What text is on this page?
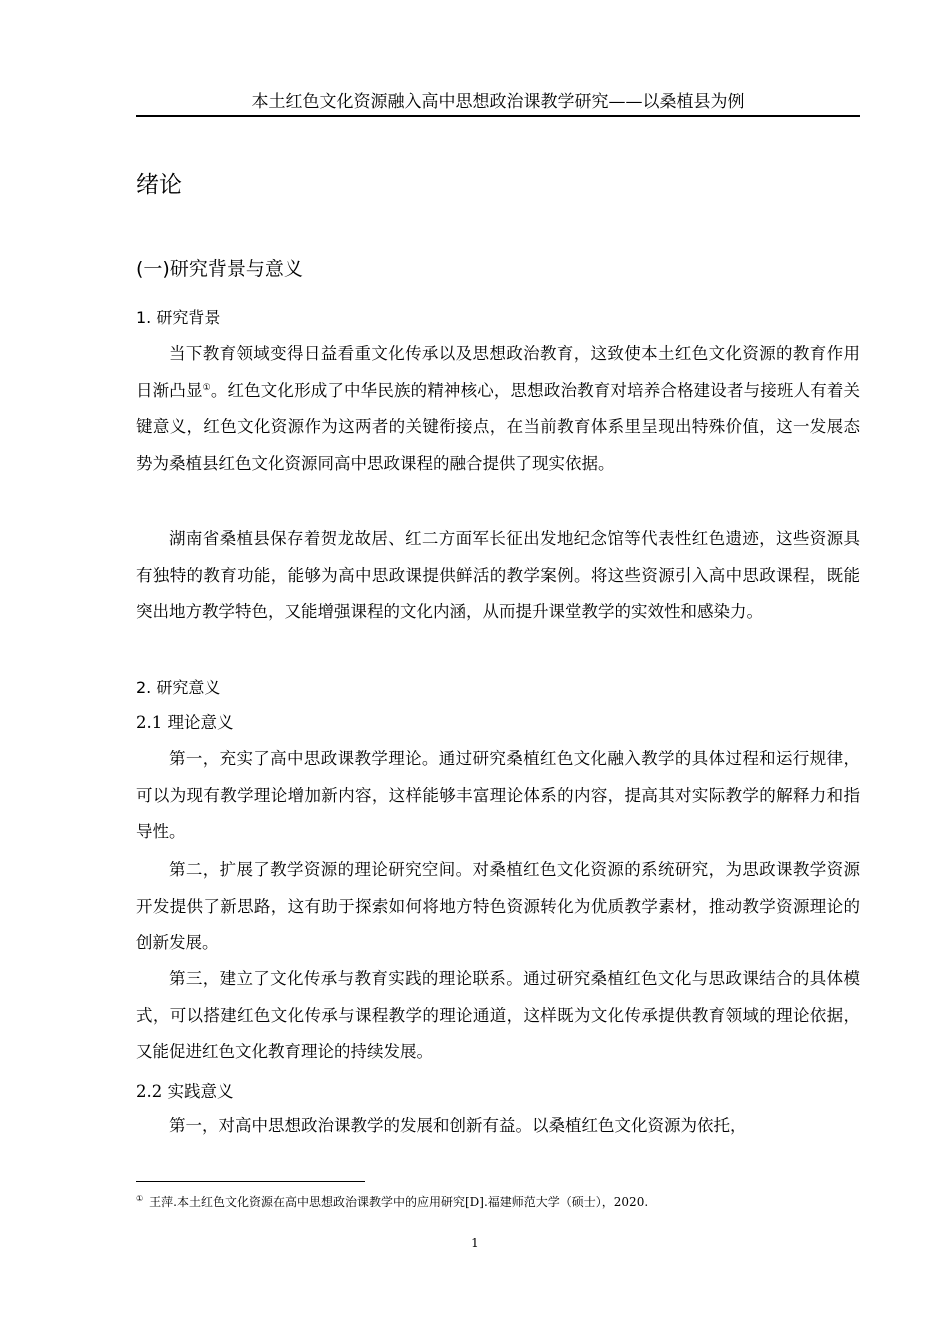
本土红色文化资源融入高中思想政治课教学研究——以桑植县为例
绪论
(一)研究背景与意义
1. 研究背景

当下教育领域变得日益看重文化传承以及思想政治教育，这致使本土红色文化资源的教育作用日渐凸显①。红色文化形成了中华民族的精神核心，思想政治教育对培养合格建设者与接班人有着关键意义，红色文化资源作为这两者的关键衔接点，在当前教育体系里呈现出特殊价值，这一发展态势为桑植县红色文化资源同高中思政课程的融合提供了现实依据。

湖南省桑植县保存着贺龙故居、红二方面军长征出发地纪念馆等代表性红色遗迹，这些资源具有独特的教育功能，能够为高中思政课提供鲜活的教学案例。将这些资源引入高中思政课程，既能突出地方教学特色，又能增强课程的文化内涵，从而提升课堂教学的实效性和感染力。

2. 研究意义
2.1 理论意义

第一，充实了高中思政课教学理论。通过研究桑植红色文化融入教学的具体过程和运行规律，可以为现有教学理论增加新内容，这样能够丰富理论体系的内容，提高其对实际教学的解释力和指导性。

第二，扩展了教学资源的理论研究空间。对桑植红色文化资源的系统研究，为思政课教学资源开发提供了新思路，这有助于探索如何将地方特色资源转化为优质教学素材，推动教学资源理论的创新发展。

第三，建立了文化传承与教育实践的理论联系。通过研究桑植红色文化与思政课结合的具体模式，可以搭建红色文化传承与课程教学的理论通道，这样既为文化传承提供教育领域的理论依据，又能促进红色文化教育理论的持续发展。

2.2 实践意义

第一，对高中思想政治课教学的发展和创新有益。以桑植红色文化资源为依托，

① 王萍.本土红色文化资源在高中思想政治课教学中的应用研究[D].福建师范大学（硕士），2020.
1
